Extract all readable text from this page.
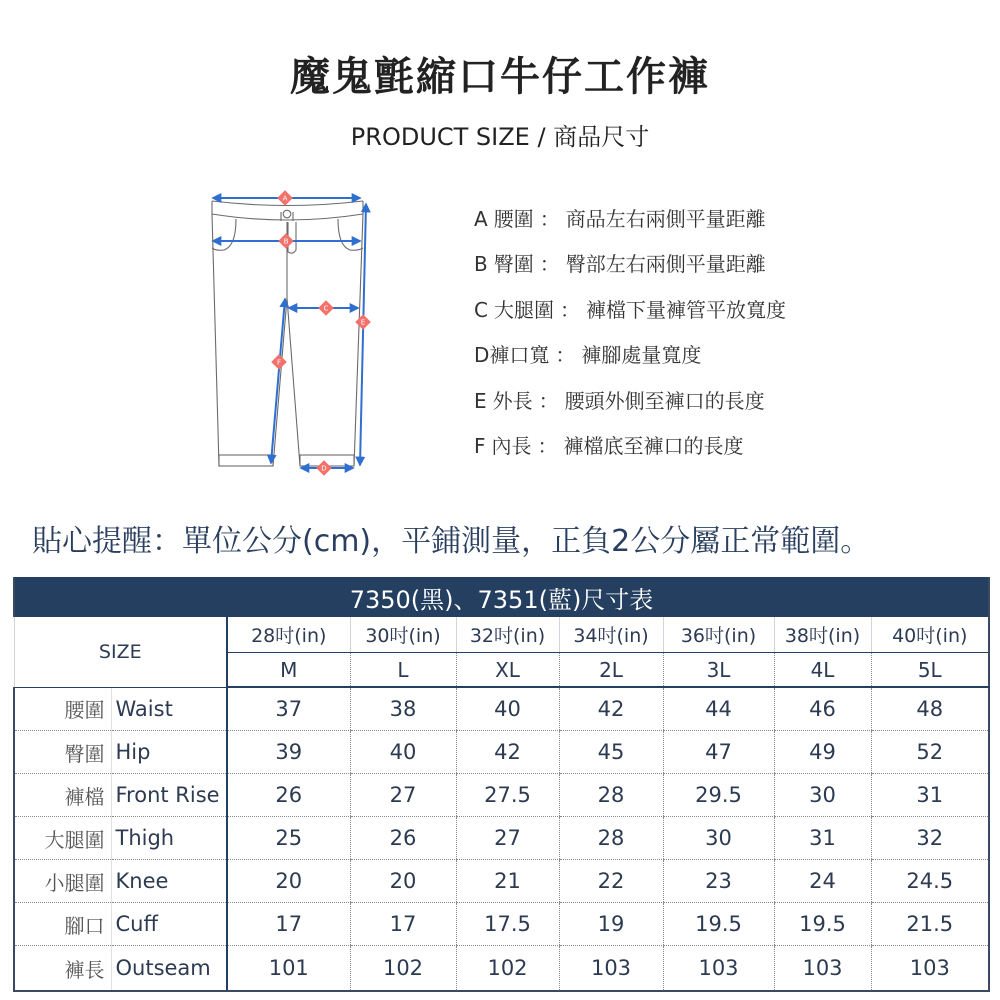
魔鬼氈縮口牛仔工作褲
PRODUCT SIZE / 商品尺寸
A
B
C
D
E
F
A 腰圍 ： 商品左右兩側平量距離
B 臀圍 ： 臀部左右兩側平量距離
C 大腿圍 ： 褲檔下量褲管平放寬度
D褲口寬 ： 褲腳處量寬度
E 外長 ： 腰頭外側至褲口的長度
F 內長 ： 褲檔底至褲口的長度
貼心提醒：單位公分(cm)，平鋪測量，正負2公分屬正常範圍。
7350(黑)、7351(藍)尺寸表								
SIZE		28吋(in)	30吋(in)	32吋(in)	34吋(in)	36吋(in)	38吋(in)	40吋(in)
		M	L	XL	2L	3L	4L	5L
腰圍	Waist	37	38	40	42	44	46	48
臀圍	Hip	39	40	42	45	47	49	52
褲檔	Front Rise	26	27	27.5	28	29.5	30	31
大腿圍	Thigh	25	26	27	28	30	31	32
小腿圍	Knee	20	20	21	22	23	24	24.5
腳口	Cuff	17	17	17.5	19	19.5	19.5	21.5
褲長	Outseam	101	102	102	103	103	103	103
